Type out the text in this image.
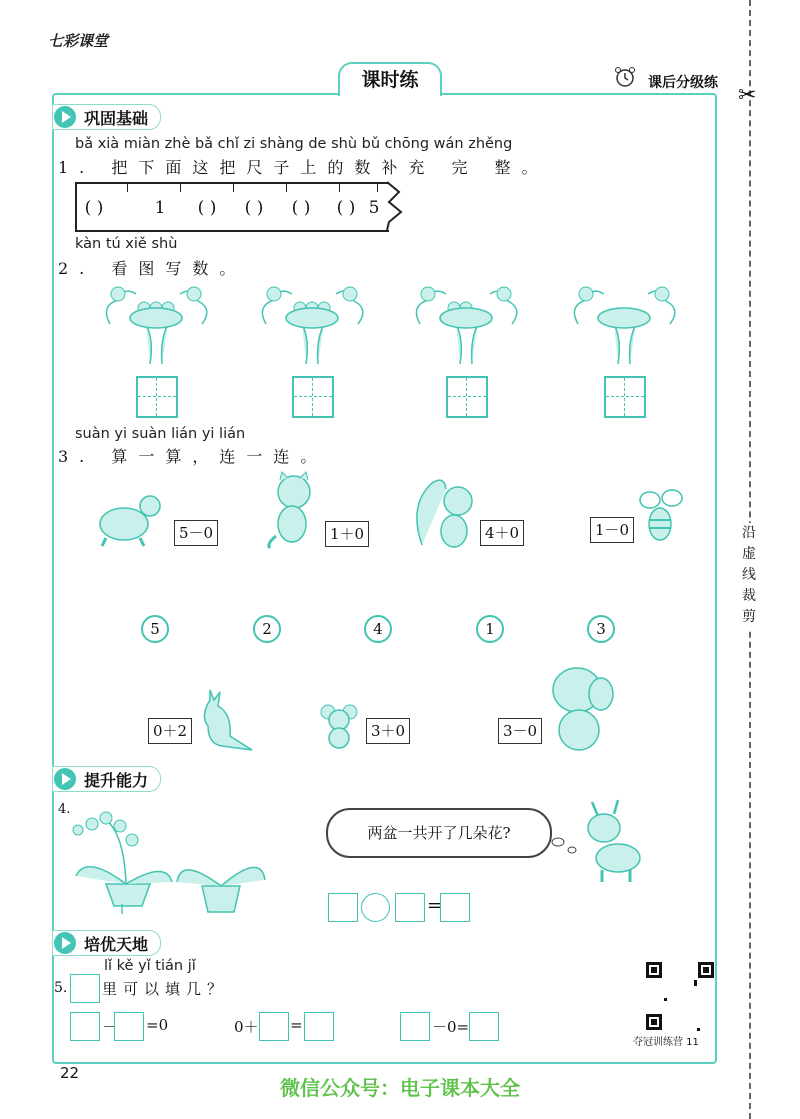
七彩课堂
✂
沿虚线裁剪
课时练	课后分级练
巩固基础
bǎ xià miàn zhè bǎ chǐ zi shàng de shù bǔ chōng wán zhěng
1. 把下面这把尺子上的数补充 完 整。
( )	1	( )	( )	( )	( ) 5
kàn tú xiě shù
2. 看图写数。
suàn yi suàn lián yi lián
3. 算一算，连一连。
5－0	1＋0	4＋0	1－0
5	2	4	1	3
0＋2	3＋0	3－0
提升能力
4.
两盆一共开了几朵花?
=
培优天地
lǐ kě yǐ tián jǐ
5. 里可以填几？
－ =0	0＋ =	－0=
夺冠训练营 11
22
微信公众号：电子课本大全
